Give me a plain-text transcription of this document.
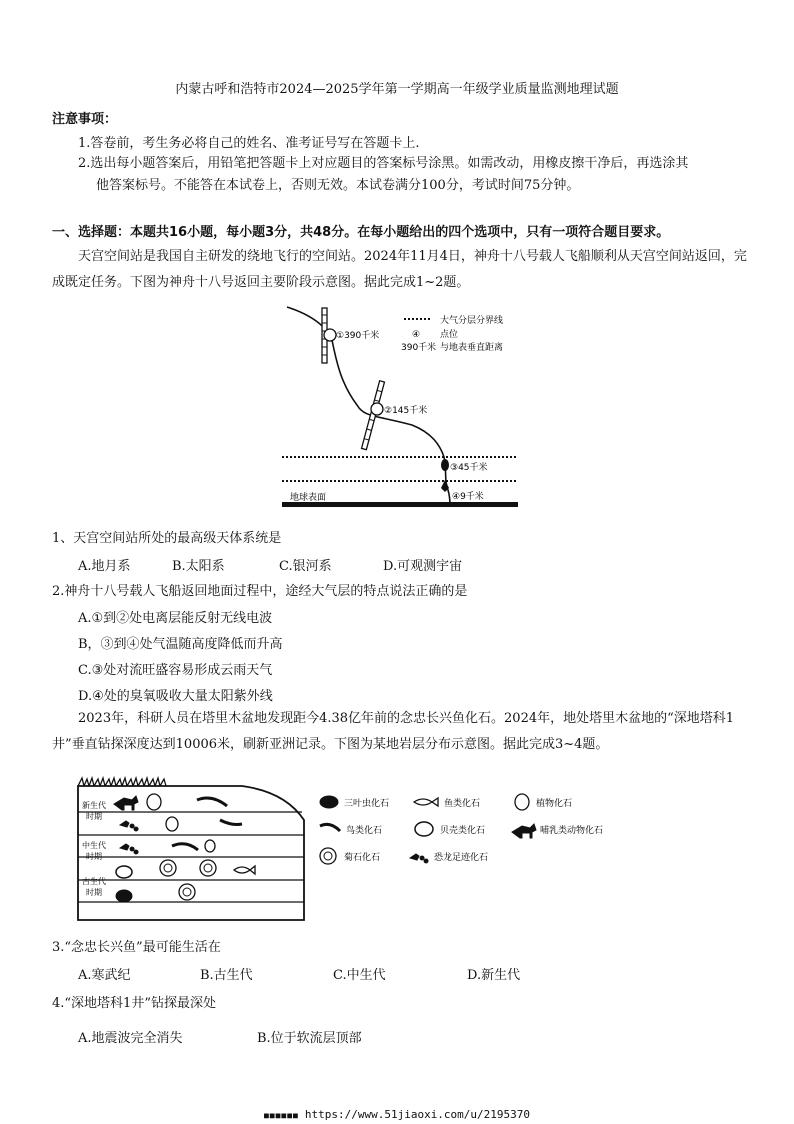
内蒙古呼和浩特市2024—2025学年第一学期高一年级学业质量监测地理试题
注意事项：
1.答卷前，考生务必将自己的姓名、准考证号写在答题卡上.
2.选出每小题答案后，用铅笔把答题卡上对应题目的答案标号涂黑。如需改动，用橡皮擦干净后，再选涂其
他答案标号。不能答在本试卷上，否则无效。本试卷满分100分，考试时间75分钟。
一、选择题：本题共16小题，每小题3分，共48分。在每小题给出的四个选项中，只有一项符合题目要求。
天宫空间站是我国自主研发的绕地飞行的空间站。2024年11月4日，神舟十八号载人飞船顺利从天宫空间站返回，完成既定任务。下图为神舟十八号返回主要阶段示意图。据此完成1~2题。
大气分层分界线
④ 点位
390千米 与地表垂直距离
①390千米
②145千米
③45千米
④9千米
地球表面
1、天宫空间站所处的最高级天体系统是
A.地月系	B.太阳系	C.银河系	D.可观测宇宙
2.神舟十八号载人飞船返回地面过程中，途经大气层的特点说法正确的是
A.①到②处电离层能反射无线电波
B，③到④处气温随高度降低而升高
C.③处对流旺盛容易形成云雨天气
D.④处的臭氧吸收大量太阳紫外线
2023年，科研人员在塔里木盆地发现距今4.38亿年前的念忠长兴鱼化石。2024年，地处塔里木盆地的“深地塔科1井”垂直钻探深度达到10006米，刷新亚洲记录。下图为某地岩层分布示意图。据此完成3~4题。
新生代
时期
中生代
时期
古生代
时期
三叶虫化石	鱼类化石	植物化石
鸟类化石	贝壳类化石	哺乳类动物化石
菊石化石	恐龙足迹化石
3.“念忠长兴鱼”最可能生活在
A.寒武纪	B.古生代	C.中生代	D.新生代
4.“深地塔科1井”钻探最深处
A.地震波完全消失	B.位于软流层顶部
■■■■■■ https://www.51jiaoxi.com/u/2195370
